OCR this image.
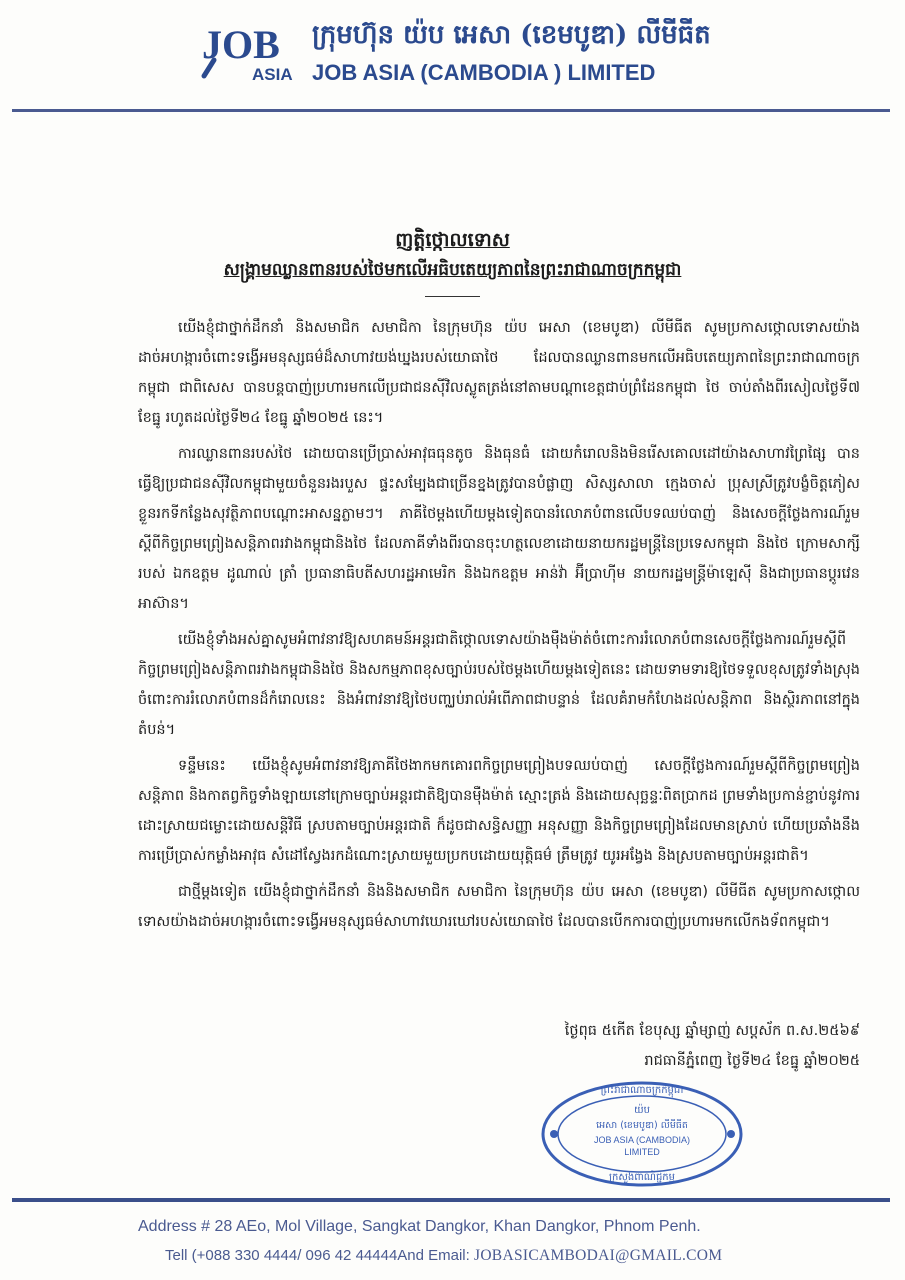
JOB
ASIA
ក្រុមហ៊ុន យ៉ប អេសា (ខេមបូឌា) លីមីធីត
JOB ASIA (CAMBODIA ) LIMITED
ញត្តិថ្កោលទោស
សង្គ្រាមឈ្លានពានរបស់ថៃមកលើអធិបតេយ្យភាពនៃព្រះរាជាណាចក្រកម្ពុជា

យើងខ្ញុំជាថ្នាក់ដឹកនាំ និងសមាជិក សមាជិកា នៃក្រុមហ៊ុន យ៉ប អេសា (ខេមបូឌា) លីមីធីត សូមប្រកាសថ្កោលទោសយ៉ាងដាច់អហង្ការចំពោះទង្វើអមនុស្សធម៌ដ៏សាហាវយង់ឃ្នងរបស់យោធាថៃ ដែលបានឈ្លានពានមកលើអធិបតេយ្យភាពនៃព្រះរាជាណាចក្រកម្ពុជា ជាពិសេស បានបន្តបាញ់ប្រហារមកលើប្រជាជនស៊ីវិលស្លូតត្រង់នៅតាមបណ្តាខេត្តជាប់ព្រំដែនកម្ពុជា ថៃ ចាប់តាំងពីរសៀលថ្ងៃទី៧ ខែធ្នូ រហូតដល់ថ្ងៃទី២៤ ខែធ្នូ ឆ្នាំ២០២៥ នេះ។

ការឈ្លានពានរបស់ថៃ ដោយបានប្រើប្រាស់អាវុធធុនតូច និងធុនធំ ដោយកំរោលនិងមិនរើសគោលដៅយ៉ាងសាហាវព្រៃផ្សៃ បានធ្វើឱ្យប្រជាជនស៊ីវិលកម្ពុជាមួយចំនួនរងរបួស ផ្ទះសម្បែងជាច្រើនខ្នងត្រូវបានបំផ្លាញ សិស្សសាលា ក្មេងចាស់ ប្រុសស្រីត្រូវបង្ខំចិត្តភៀសខ្លួនរកទីកន្លែងសុវត្ថិភាពបណ្តោះអាសន្នភ្លាមៗ។ ភាគីថៃម្តងហើយម្តងទៀតបានរំលោភបំពានលើបទឈប់បាញ់ និងសេចក្តីថ្លែងការណ៍រួមស្តីពីកិច្ចព្រមព្រៀងសន្តិភាពរវាងកម្ពុជានិងថៃ ដែលភាគីទាំងពីរបានចុះហត្ថលេខាដោយនាយករដ្ឋមន្ត្រីនៃប្រទេសកម្ពុជា និងថៃ ក្រោមសាក្សីរបស់ ឯកឧត្តម ដូណាល់ ត្រាំ ប្រធានាធិបតីសហរដ្ឋអាមេរិក និងឯកឧត្តម អាន់វ៉ា អ៊ីប្រាហ៊ីម នាយករដ្ឋមន្ត្រីម៉ាឡេស៊ី និងជាប្រធានប្តូរវេនអាស៊ាន។

យើងខ្ញុំទាំងអស់គ្នាសូមអំពាវនាវឱ្យសហគមន៍អន្តរជាតិថ្កោលទោសយ៉ាងម៉ឺងម៉ាត់ចំពោះការរំលោភបំពានសេចក្តីថ្លែងការណ៍រួមស្តីពីកិច្ចព្រមព្រៀងសន្តិភាពរវាងកម្ពុជានិងថៃ និងសកម្មភាពខុសច្បាប់របស់ថៃម្តងហើយម្តងទៀតនេះ ដោយទាមទារឱ្យថៃទទួលខុសត្រូវទាំងស្រុងចំពោះការរំលោភបំពានដ៏កំរោលនេះ និងអំពាវនាវឱ្យថៃបញ្ឈប់រាល់អំពើភាពជាបន្ទាន់ ដែលគំរាមកំហែងដល់សន្តិភាព និងស្ថិរភាពនៅក្នុងតំបន់។

ទន្ទឹមនេះ យើងខ្ញុំសូមអំពាវនាវឱ្យភាគីថៃងាកមកគោរពកិច្ចព្រមព្រៀងបទឈប់បាញ់ សេចក្តីថ្លែងការណ៍រួមស្តីពីកិច្ចព្រមព្រៀងសន្តិភាព និងកាតព្វកិច្ចទាំងឡាយនៅក្រោមច្បាប់អន្តរជាតិឱ្យបានម៉ឺងម៉ាត់ ស្មោះត្រង់ និងដោយសុច្ឆន្ទៈពិតប្រាកដ ព្រមទាំងប្រកាន់ខ្ជាប់នូវការដោះស្រាយជម្លោះដោយសន្តិវិធី ស្របតាមច្បាប់អន្តរជាតិ ក៏ដូចជាសន្ធិសញ្ញា អនុសញ្ញា និងកិច្ចព្រមព្រៀងដែលមានស្រាប់ ហើយប្រឆាំងនឹងការប្រើប្រាស់កម្លាំងអាវុធ សំដៅស្វែងរកដំណោះស្រាយមួយប្រកបដោយយុត្តិធម៌ ត្រឹមត្រូវ យូរអង្វែង និងស្របតាមច្បាប់អន្តរជាតិ។

ជាថ្មីម្តងទៀត យើងខ្ញុំជាថ្នាក់ដឹកនាំ និងនិងសមាជិក សមាជិកា នៃក្រុមហ៊ុន យ៉ប អេសា (ខេមបូឌា) លីមីធីត សូមប្រកាសថ្កោលទោសយ៉ាងដាច់អហង្ការចំពោះទង្វើអមនុស្សធម៌សាហាវឃោរឃៅរបស់យោធាថៃ ដែលបានបើកការបាញ់ប្រហារមកលើកងទ័ពកម្ពុជា។

ថ្ងៃពុធ ៥កើត ខែបុស្ស ឆ្នាំម្សាញ់ សប្តស័ក ព.ស.២៥៦៩
រាជធានីភ្នំពេញ ថ្ងៃទី២៤ ខែធ្នូ ឆ្នាំ២០២៥
ព្រះរាជាណាចក្រកម្ពុជា
យ៉ប
អេសា (ខេមបូឌា) លីមីធីត
JOB ASIA (CAMBODIA)
LIMITED
ក្រសួងពាណិជ្ជកម្ម
Address # 28 AEo, Mol Village, Sangkat Dangkor, Khan Dangkor, Phnom Penh.
Tell (+088 330 4444/ 096 42 44444And Email: JOBASICAMBODAI@GMAIL.COM
